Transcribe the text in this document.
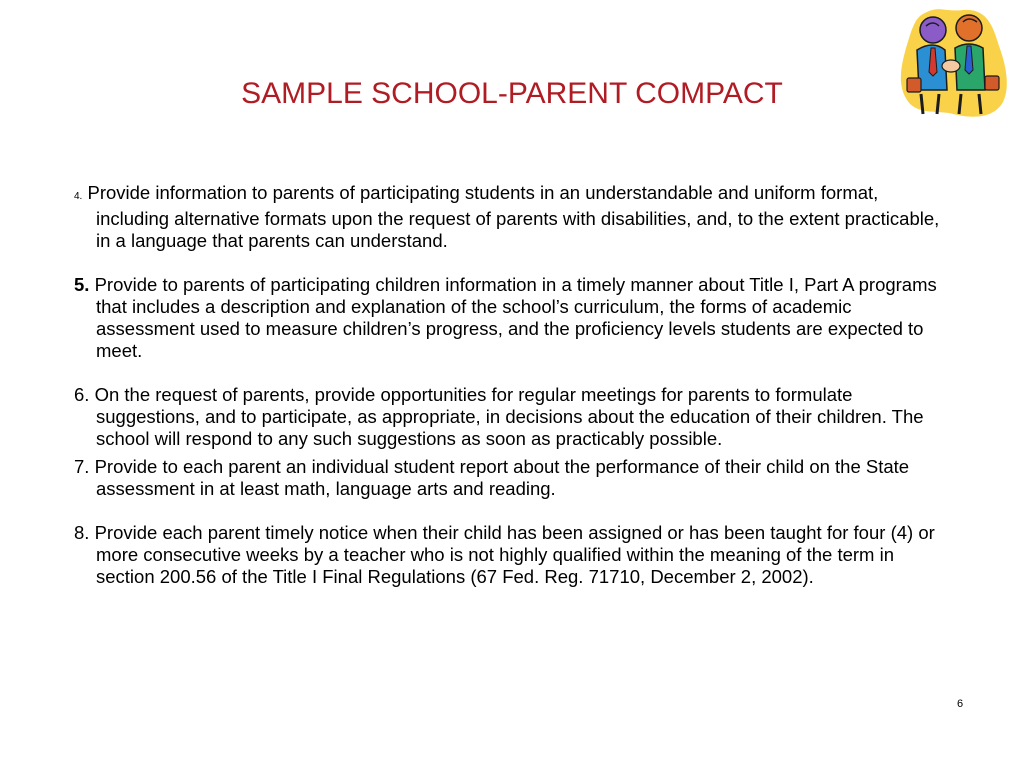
SAMPLE SCHOOL-PARENT COMPACT

4. Provide information to parents of participating students in an understandable and uniform format, including alternative formats upon the request of parents with disabilities, and, to the extent practicable, in a language that parents can understand.

5. Provide to parents of participating children information in a timely manner about Title I, Part A programs that includes a description and explanation of the school’s curriculum, the forms of academic assessment used to measure children’s progress, and the proficiency levels students are expected to meet.

6. On the request of parents, provide opportunities for regular meetings for parents to formulate suggestions, and to participate, as appropriate, in decisions about the education of their children. The school will respond to any such suggestions as soon as practicably possible.

7. Provide to each parent an individual student report about the performance of their child on the State assessment in at least math, language arts and reading.

8. Provide each parent timely notice when their child has been assigned or has been taught for four (4) or more consecutive weeks by a teacher who is not highly qualified within the meaning of the term in section 200.56 of the Title I Final Regulations (67 Fed. Reg. 71710, December 2, 2002).

6
